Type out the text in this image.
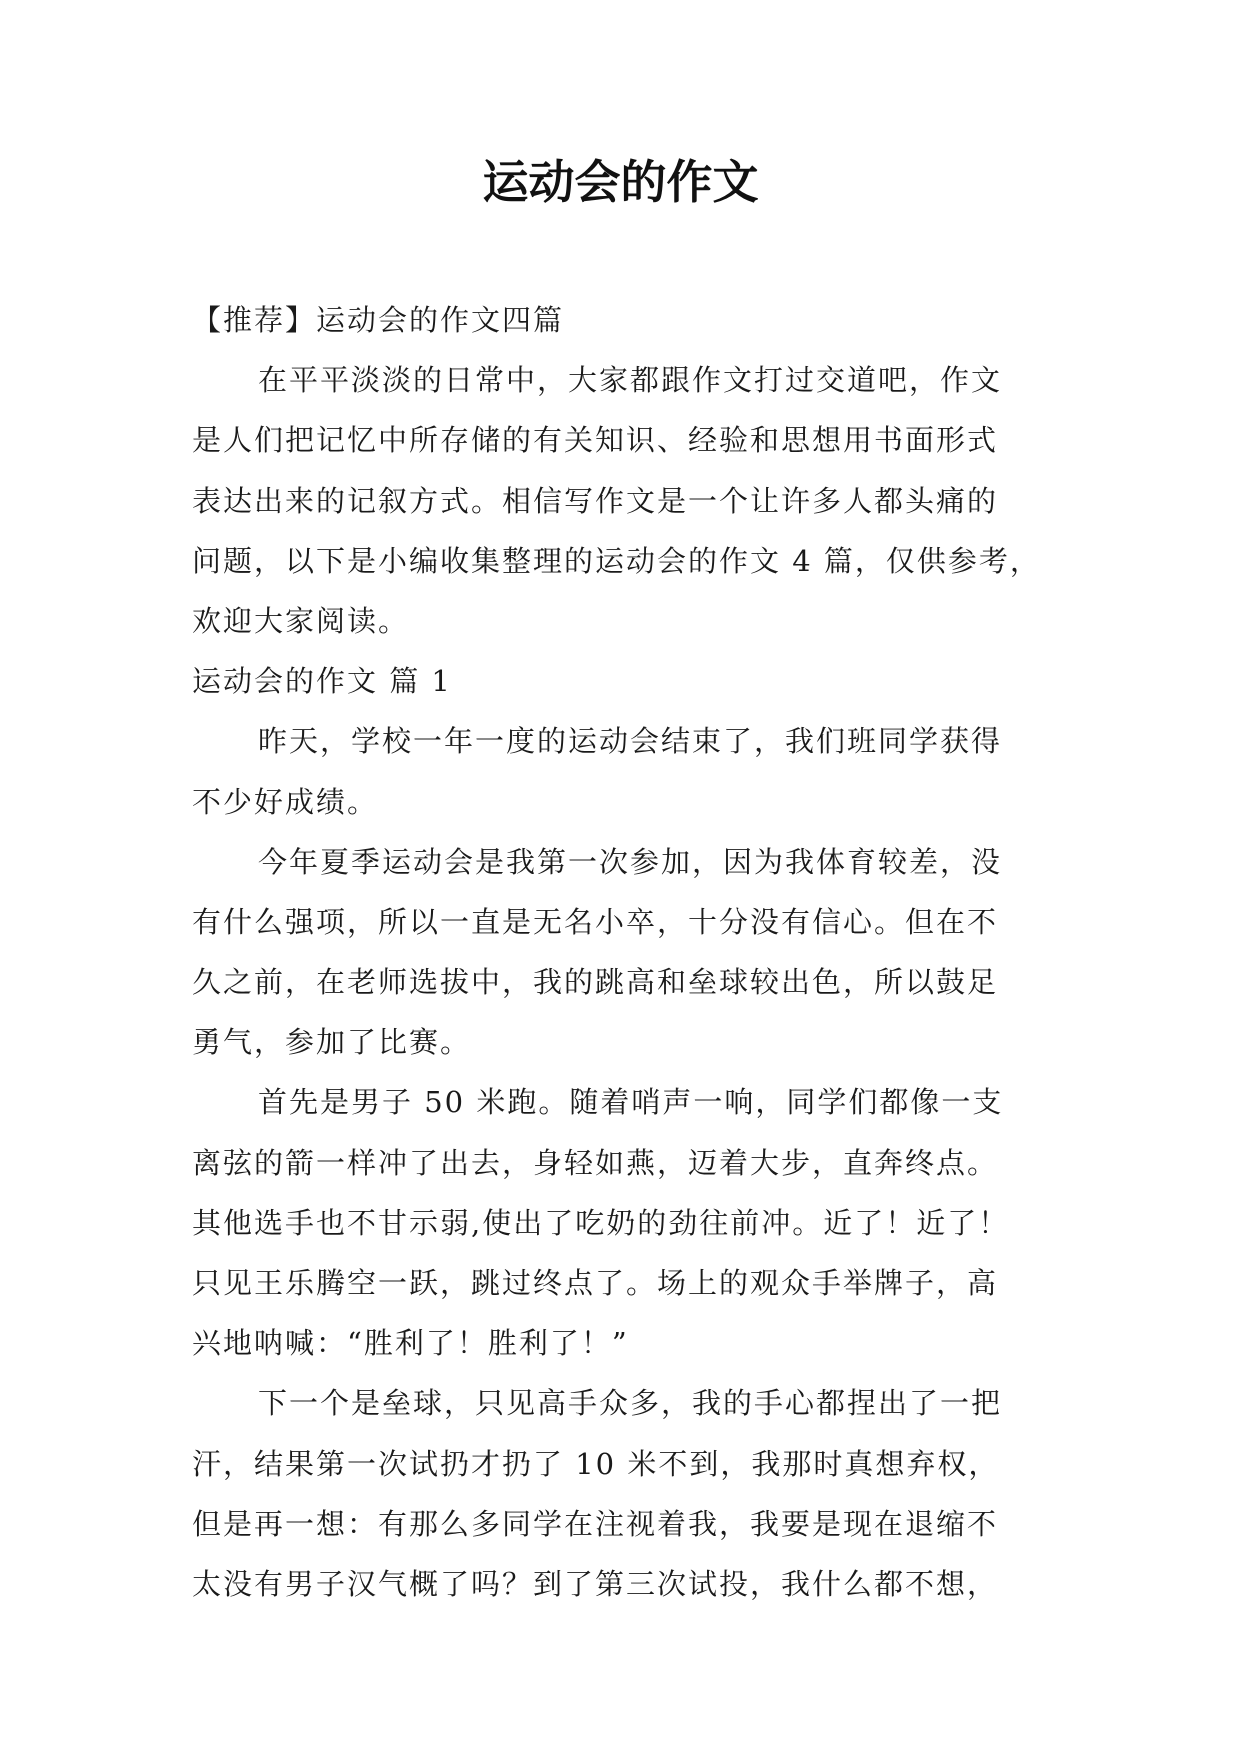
运动会的作文
【推荐】运动会的作文四篇
在平平淡淡的日常中，大家都跟作文打过交道吧，作文
是人们把记忆中所存储的有关知识、经验和思想用书面形式
表达出来的记叙方式。相信写作文是一个让许多人都头痛的
问题，以下是小编收集整理的运动会的作文 4 篇，仅供参考，
欢迎大家阅读。
运动会的作文 篇 1
昨天，学校一年一度的运动会结束了，我们班同学获得
不少好成绩。
今年夏季运动会是我第一次参加，因为我体育较差，没
有什么强项，所以一直是无名小卒，十分没有信心。但在不
久之前，在老师选拔中，我的跳高和垒球较出色，所以鼓足
勇气，参加了比赛。
首先是男子 50 米跑。随着哨声一响，同学们都像一支
离弦的箭一样冲了出去，身轻如燕，迈着大步，直奔终点。
其他选手也不甘示弱,使出了吃奶的劲往前冲。近了！近了！
只见王乐腾空一跃，跳过终点了。场上的观众手举牌子，高
兴地呐喊：“胜利了！胜利了！”
下一个是垒球，只见高手众多，我的手心都捏出了一把
汗，结果第一次试扔才扔了 10 米不到，我那时真想弃权，
但是再一想：有那么多同学在注视着我，我要是现在退缩不
太没有男子汉气概了吗？到了第三次试投，我什么都不想，
